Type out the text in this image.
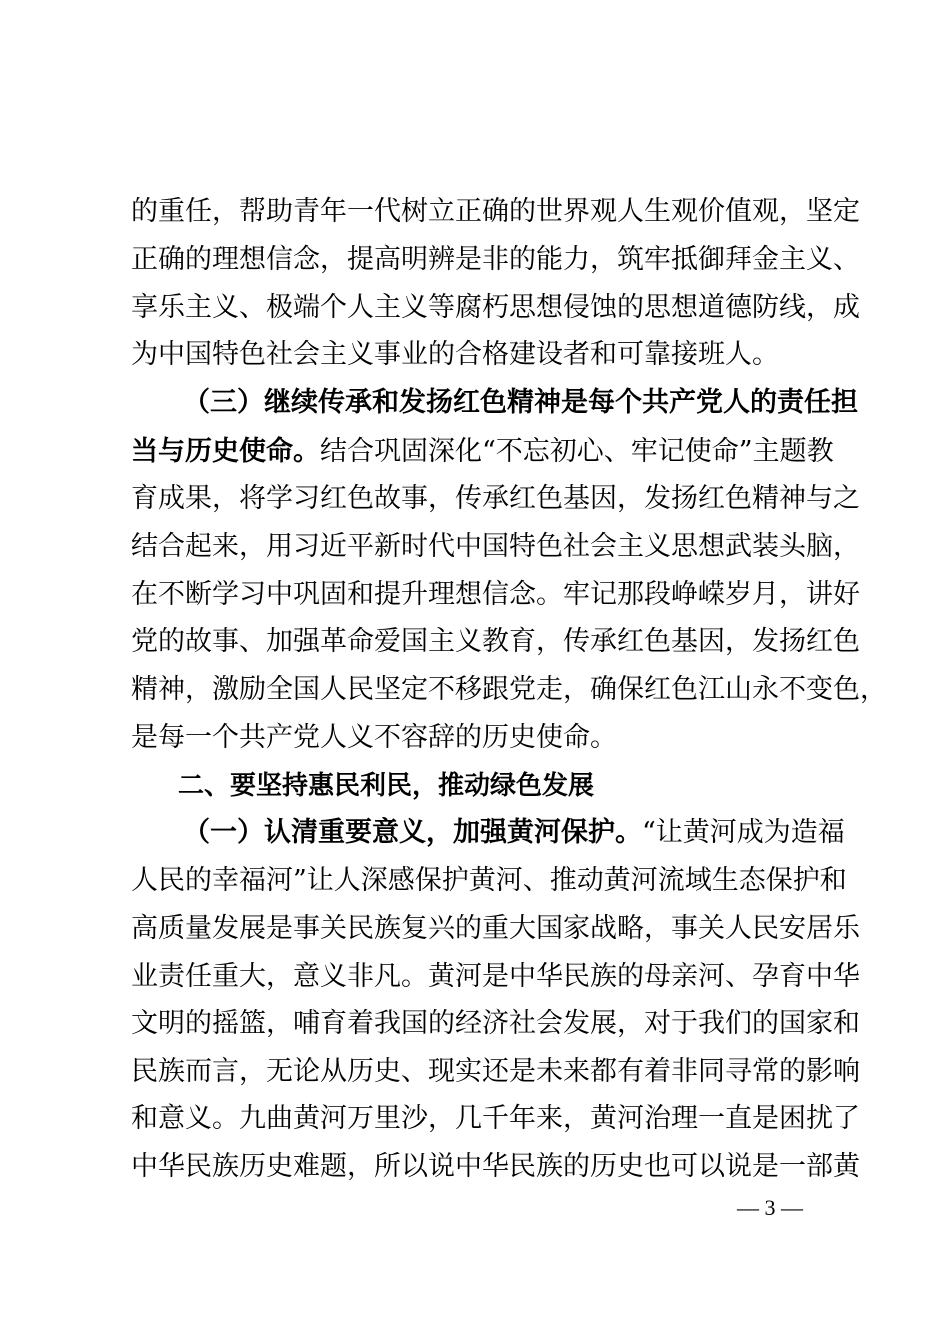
的重任，帮助青年一代树立正确的世界观人生观价值观，坚定
正确的理想信念，提高明辨是非的能力，筑牢抵御拜金主义、
享乐主义、极端个人主义等腐朽思想侵蚀的思想道德防线，成
为中国特色社会主义事业的合格建设者和可靠接班人。
（三）继续传承和发扬红色精神是每个共产党人的责任担
当与历史使命。结合巩固深化“不忘初心、牢记使命”主题教
育成果，将学习红色故事，传承红色基因，发扬红色精神与之
结合起来，用习近平新时代中国特色社会主义思想武装头脑，
在不断学习中巩固和提升理想信念。牢记那段峥嵘岁月，讲好
党的故事、加强革命爱国主义教育，传承红色基因，发扬红色
精神，激励全国人民坚定不移跟党走，确保红色江山永不变色，
是每一个共产党人义不容辞的历史使命。
二、要坚持惠民利民，推动绿色发展
（一）认清重要意义，加强黄河保护。“让黄河成为造福
人民的幸福河”让人深感保护黄河、推动黄河流域生态保护和
高质量发展是事关民族复兴的重大国家战略，事关人民安居乐
业责任重大，意义非凡。黄河是中华民族的母亲河、孕育中华
文明的摇篮，哺育着我国的经济社会发展，对于我们的国家和
民族而言，无论从历史、现实还是未来都有着非同寻常的影响
和意义。九曲黄河万里沙，几千年来，黄河治理一直是困扰了
中华民族历史难题，所以说中华民族的历史也可以说是一部黄
— 3 —
